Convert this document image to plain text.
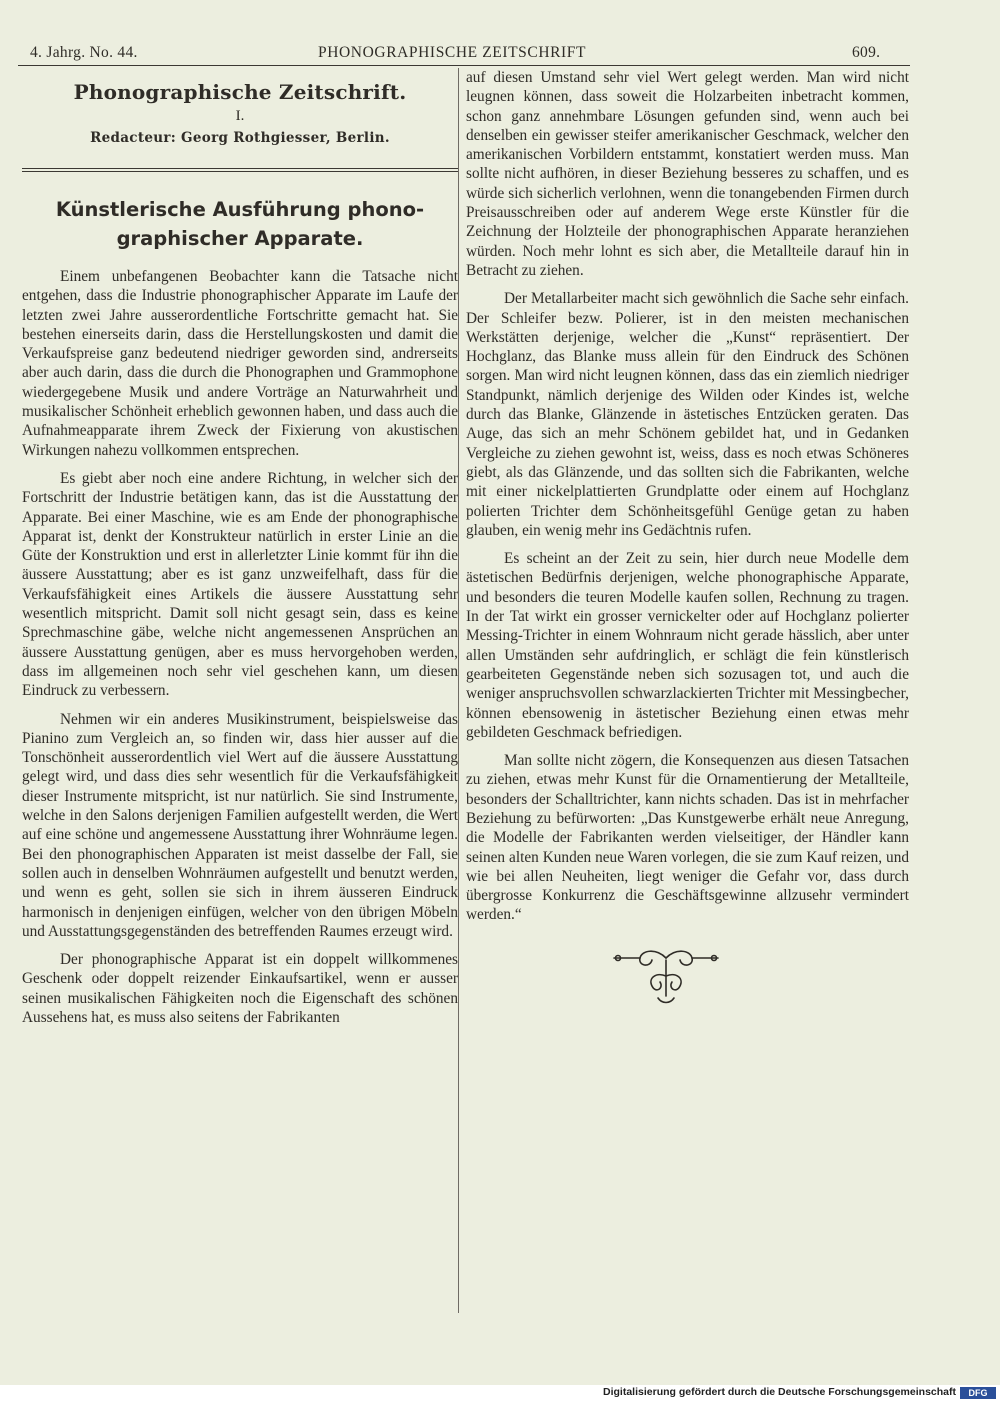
4. Jahrg. No. 44.	PHONOGRAPHISCHE ZEITSCHRIFT	609.
Phonographische Zeitschrift.
I.
Redacteur: Georg Rothgiesser, Berlin.
Künstlerische Ausführung phono- graphischer Apparate.

Einem unbefangenen Beobachter kann die Tatsache nicht entgehen, dass die Industrie phonographischer Apparate im Laufe der letzten zwei Jahre ausserordentliche Fortschritte gemacht hat. Sie bestehen einerseits darin, dass die Herstellungskosten und damit die Verkaufspreise ganz bedeutend niedriger geworden sind, andrerseits aber auch darin, dass die durch die Phonographen und Grammophone wiedergegebene Musik und andere Vorträge an Naturwahrheit und musikalischer Schönheit erheblich gewonnen haben, und dass auch die Aufnahmeapparate ihrem Zweck der Fixierung von akustischen Wirkungen nahezu vollkommen entsprechen.

Es giebt aber noch eine andere Richtung, in welcher sich der Fortschritt der Industrie betätigen kann, das ist die Ausstattung der Apparate. Bei einer Maschine, wie es am Ende der phonographische Apparat ist, denkt der Konstrukteur natürlich in erster Linie an die Güte der Konstruktion und erst in allerletzter Linie kommt für ihn die äussere Ausstattung; aber es ist ganz unzweifelhaft, dass für die Verkaufsfähigkeit eines Artikels die äussere Ausstattung sehr wesentlich mitspricht. Damit soll nicht gesagt sein, dass es keine Sprechmaschine gäbe, welche nicht angemessenen Ansprüchen an äussere Ausstattung genügen, aber es muss hervorgehoben werden, dass im allgemeinen noch sehr viel geschehen kann, um diesen Eindruck zu verbessern.

Nehmen wir ein anderes Musikinstrument, beispielsweise das Pianino zum Vergleich an, so finden wir, dass hier ausser auf die Tonschönheit ausserordentlich viel Wert auf die äussere Ausstattung gelegt wird, und dass dies sehr wesentlich für die Verkaufsfähigkeit dieser Instrumente mitspricht, ist nur natürlich. Sie sind Instrumente, welche in den Salons derjenigen Familien aufgestellt werden, die Wert auf eine schöne und angemessene Ausstattung ihrer Wohnräume legen. Bei den phonographischen Apparaten ist meist dasselbe der Fall, sie sollen auch in denselben Wohnräumen aufgestellt und benutzt werden, und wenn es geht, sollen sie sich in ihrem äusseren Eindruck harmonisch in denjenigen einfügen, welcher von den übrigen Möbeln und Ausstattungsgegenständen des betreffenden Raumes erzeugt wird.

Der phonographische Apparat ist ein doppelt willkommenes Geschenk oder doppelt reizender Einkaufsartikel, wenn er ausser seinen musikalischen Fähigkeiten noch die Eigenschaft des schönen Aussehens hat, es muss also seitens der Fabrikanten

auf diesen Umstand sehr viel Wert gelegt werden. Man wird nicht leugnen können, dass soweit die Holzarbeiten inbetracht kommen, schon ganz annehmbare Lösungen gefunden sind, wenn auch bei denselben ein gewisser steifer amerikanischer Geschmack, welcher den amerikanischen Vorbildern entstammt, konstatiert werden muss. Man sollte nicht aufhören, in dieser Beziehung besseres zu schaffen, und es würde sich sicherlich verlohnen, wenn die tonangebenden Firmen durch Preisausschreiben oder auf anderem Wege erste Künstler für die Zeichnung der Holzteile der phonographischen Apparate heranziehen würden. Noch mehr lohnt es sich aber, die Metallteile darauf hin in Betracht zu ziehen.

Der Metallarbeiter macht sich gewöhnlich die Sache sehr einfach. Der Schleifer bezw. Polierer, ist in den meisten mechanischen Werkstätten derjenige, welcher die „Kunst“ repräsentiert. Der Hochglanz, das Blanke muss allein für den Eindruck des Schönen sorgen. Man wird nicht leugnen können, dass das ein ziemlich niedriger Standpunkt, nämlich derjenige des Wilden oder Kindes ist, welche durch das Blanke, Glänzende in ästetisches Entzücken geraten. Das Auge, das sich an mehr Schönem gebildet hat, und in Gedanken Vergleiche zu ziehen gewohnt ist, weiss, dass es noch etwas Schöneres giebt, als das Glänzende, und das sollten sich die Fabrikanten, welche mit einer nickelplattierten Grundplatte oder einem auf Hochglanz polierten Trichter dem Schönheitsgefühl Genüge getan zu haben glauben, ein wenig mehr ins Gedächtnis rufen.

Es scheint an der Zeit zu sein, hier durch neue Modelle dem ästetischen Bedürfnis derjenigen, welche phonographische Apparate, und besonders die teuren Modelle kaufen sollen, Rechnung zu tragen. In der Tat wirkt ein grosser vernickelter oder auf Hochglanz polierter Messing-Trichter in einem Wohnraum nicht gerade hässlich, aber unter allen Umständen sehr aufdringlich, er schlägt die fein künstlerisch gearbeiteten Gegenstände neben sich sozusagen tot, und auch die weniger anspruchsvollen schwarzlackierten Trichter mit Messingbecher, können ebensowenig in ästetischer Beziehung einen etwas mehr gebildeten Geschmack befriedigen.

Man sollte nicht zögern, die Konsequenzen aus diesen Tatsachen zu ziehen, etwas mehr Kunst für die Ornamentierung der Metallteile, besonders der Schalltrichter, kann nichts schaden. Das ist in mehrfacher Beziehung zu befürworten: „Das Kunstgewerbe erhält neue Anregung, die Modelle der Fabrikanten werden vielseitiger, der Händler kann seinen alten Kunden neue Waren vorlegen, die sie zum Kauf reizen, und wie bei allen Neuheiten, liegt weniger die Gefahr vor, dass durch übergrosse Konkurrenz die Geschäftsgewinne allzusehr vermindert werden.“

Digitalisierung gefördert durch die Deutsche Forschungsgemeinschaft	DFG
